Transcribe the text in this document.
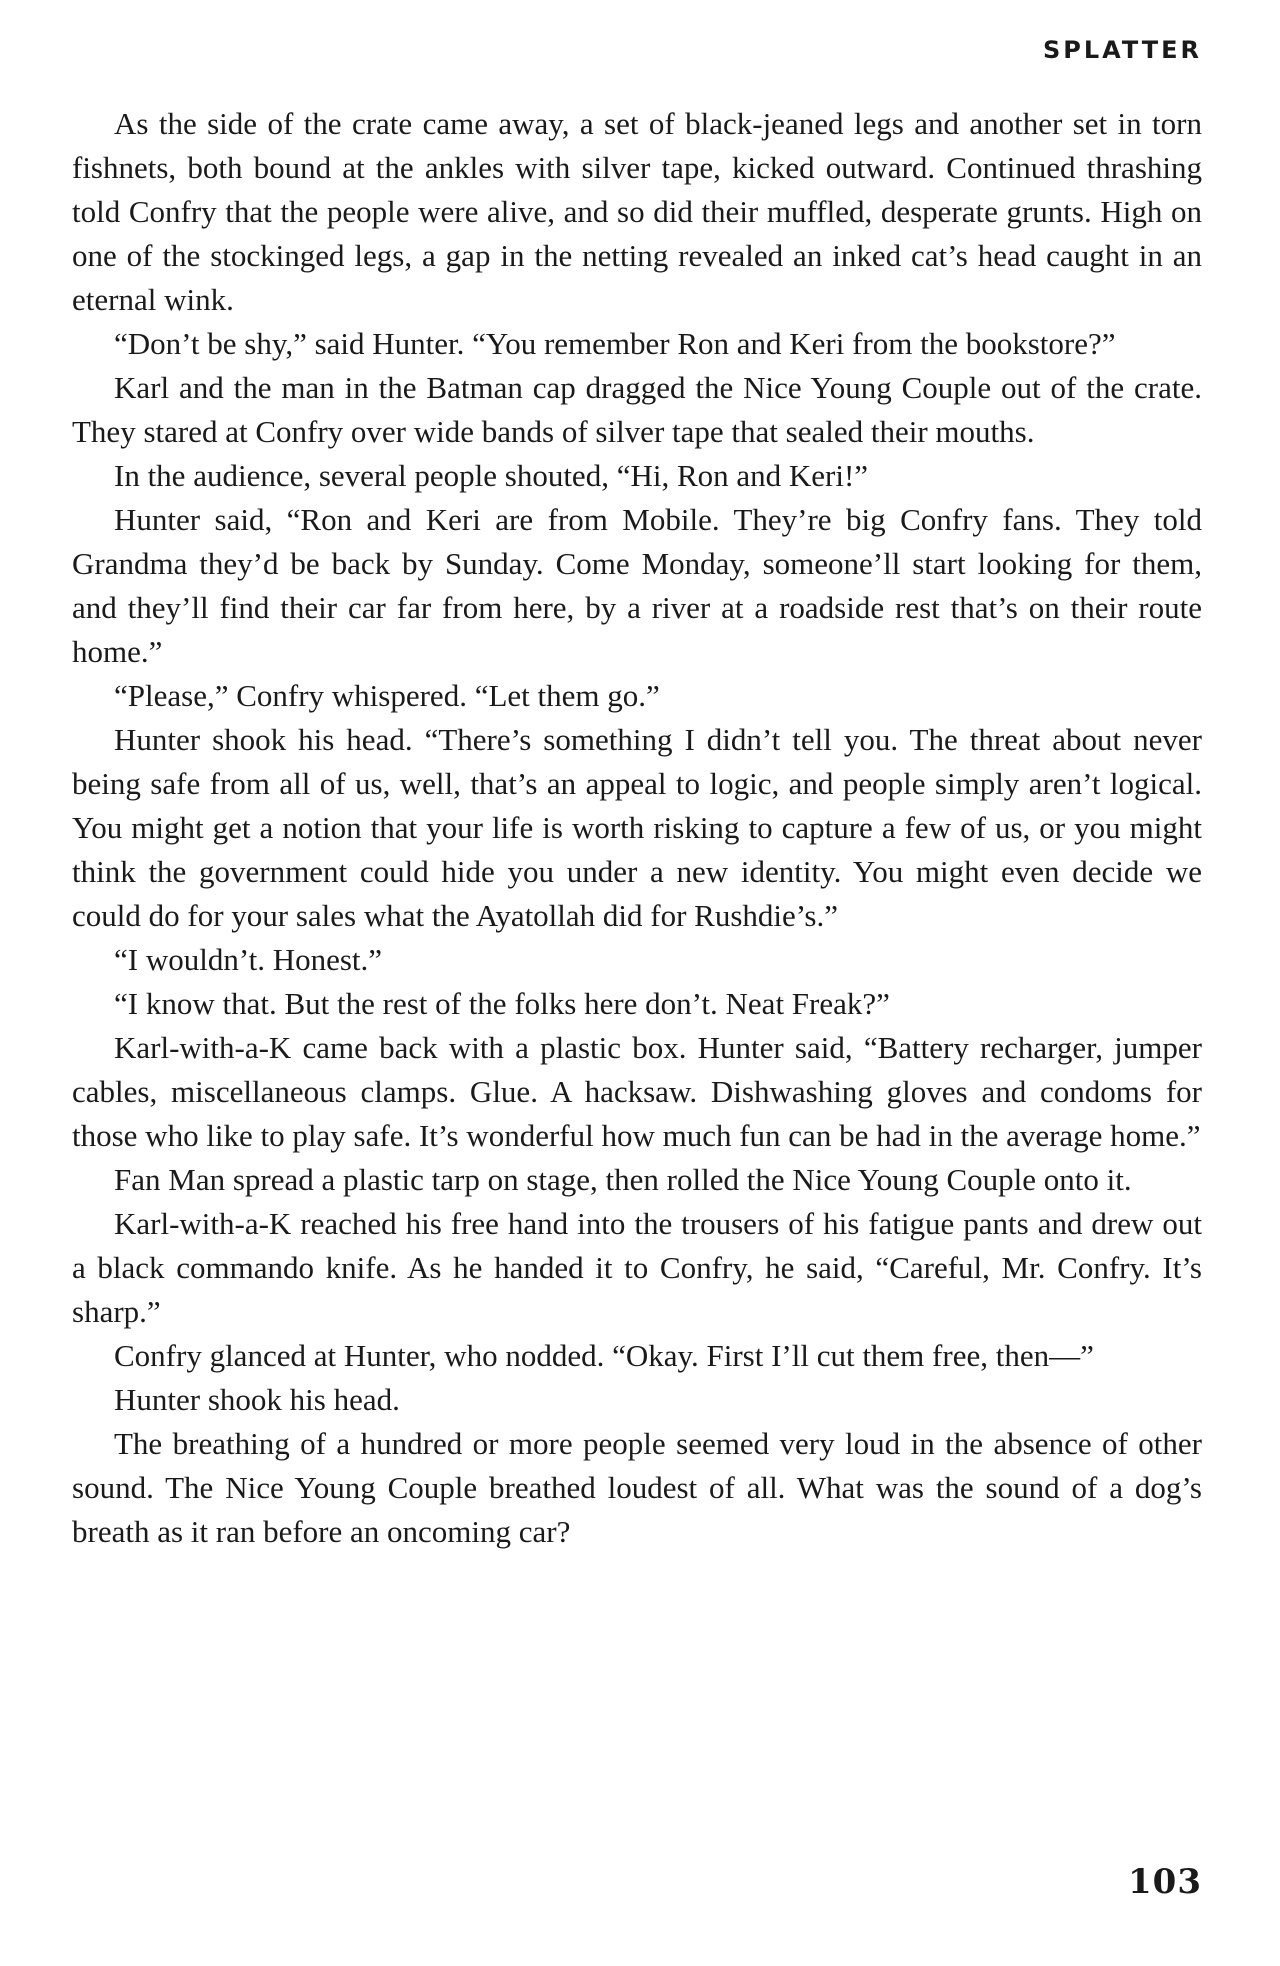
SPLATTER

As the side of the crate came away, a set of black-jeaned legs and another set in torn fishnets, both bound at the ankles with silver tape, kicked outward. Continued thrashing told Confry that the people were alive, and so did their muffled, desperate grunts. High on one of the stockinged legs, a gap in the netting revealed an inked cat’s head caught in an eternal wink.

“Don’t be shy,” said Hunter. “You remember Ron and Keri from the bookstore?”

Karl and the man in the Batman cap dragged the Nice Young Couple out of the crate. They stared at Confry over wide bands of silver tape that sealed their mouths.

In the audience, several people shouted, “Hi, Ron and Keri!”

Hunter said, “Ron and Keri are from Mobile. They’re big Confry fans. They told Grandma they’d be back by Sunday. Come Monday, someone’ll start looking for them, and they’ll find their car far from here, by a river at a roadside rest that’s on their route home.”

“Please,” Confry whispered. “Let them go.”

Hunter shook his head. “There’s something I didn’t tell you. The threat about never being safe from all of us, well, that’s an appeal to logic, and people simply aren’t logical. You might get a notion that your life is worth risking to capture a few of us, or you might think the government could hide you under a new identity. You might even decide we could do for your sales what the Ayatollah did for Rushdie’s.”

“I wouldn’t. Honest.”

“I know that. But the rest of the folks here don’t. Neat Freak?”

Karl-with-a-K came back with a plastic box. Hunter said, “Battery recharger, jumper cables, miscellaneous clamps. Glue. A hacksaw. Dishwashing gloves and condoms for those who like to play safe. It’s wonderful how much fun can be had in the average home.”

Fan Man spread a plastic tarp on stage, then rolled the Nice Young Couple onto it.

Karl-with-a-K reached his free hand into the trousers of his fatigue pants and drew out a black commando knife. As he handed it to Confry, he said, “Careful, Mr. Confry. It’s sharp.”

Confry glanced at Hunter, who nodded. “Okay. First I’ll cut them free, then—”

Hunter shook his head.

The breathing of a hundred or more people seemed very loud in the absence of other sound. The Nice Young Couple breathed loudest of all. What was the sound of a dog’s breath as it ran before an oncoming car?

103
